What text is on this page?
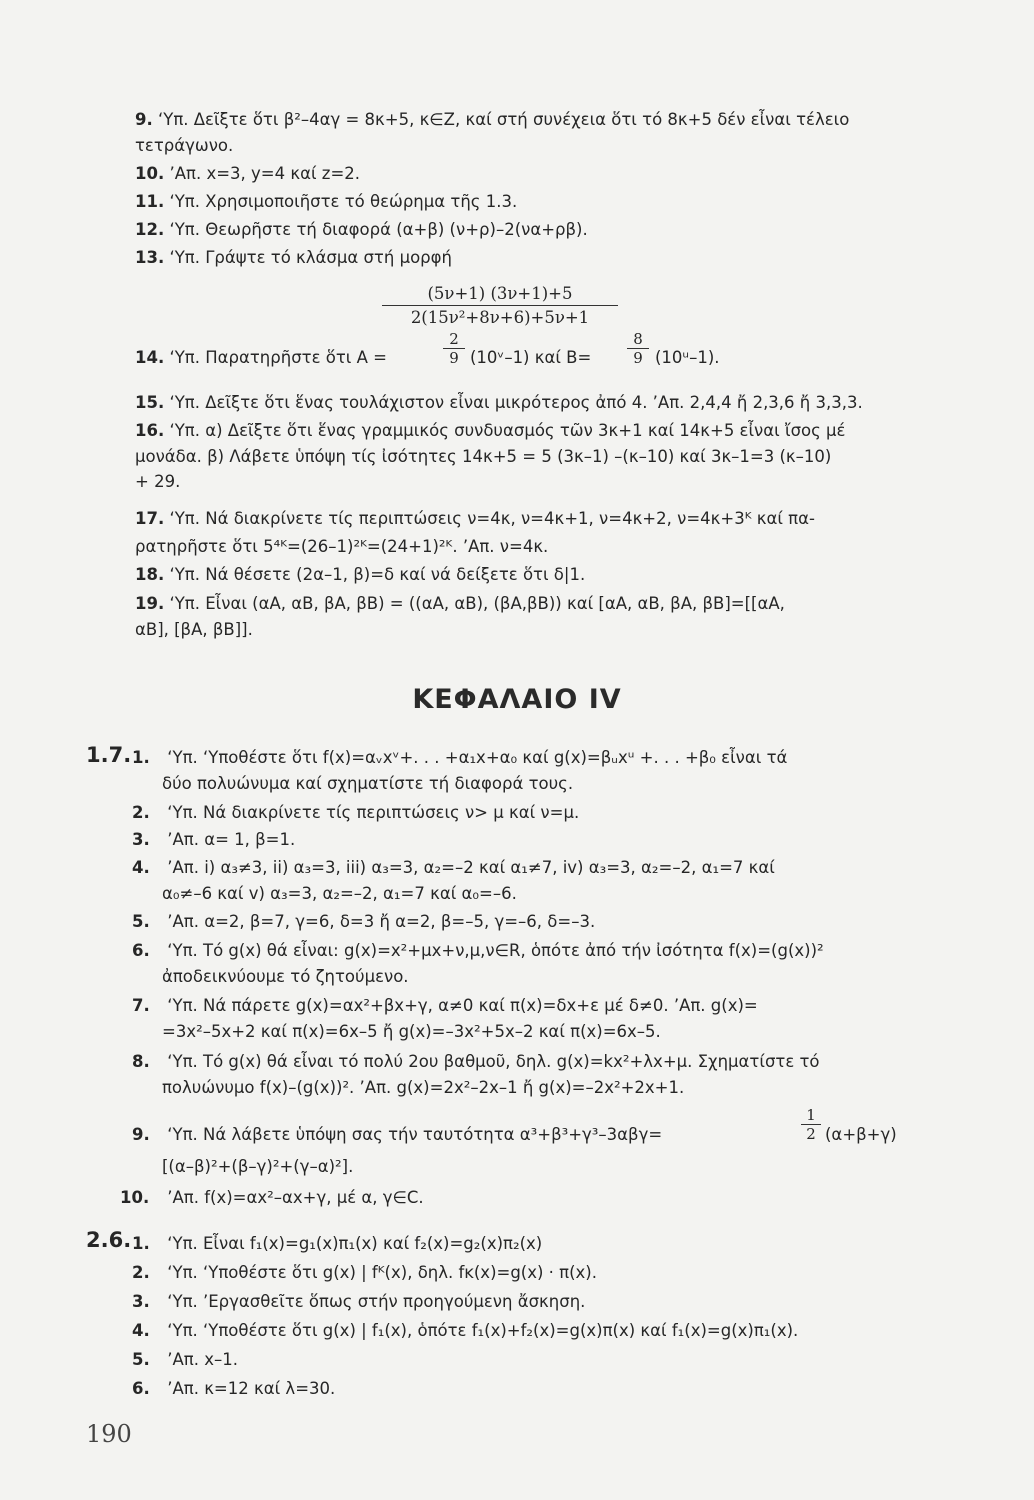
9. ‘Υπ. Δεῖξτε ὅτι β²–4αγ = 8κ+5, κ∈Z, καί στή συνέχεια ὅτι τό 8κ+5 δέν εἶναι τέλειο
τετράγωνο.
10. ’Απ. x=3, y=4 καί z=2.
11. ‘Υπ. Χρησιμοποιῆστε τό θεώρημα τῆς 1.3.
12. ‘Υπ. Θεωρῆστε τή διαφορά (α+β) (ν+ρ)–2(να+ρβ).
13. ‘Υπ. Γράψτε τό κλάσμα στή μορφή
(5ν+1) (3ν+1)+5
2(15ν²+8ν+6)+5ν+1
14. ‘Υπ. Παρατηρῆστε ὅτι A =
2
9 (10ᵛ–1) καί B=
8
9 (10ᵘ–1).
15. ‘Υπ. Δεῖξτε ὅτι ἕνας τουλάχιστον εἶναι μικρότερος ἀπό 4. ’Απ. 2,4,4 ἤ 2,3,6 ἤ 3,3,3.
16. ‘Υπ. α) Δεῖξτε ὅτι ἕνας γραμμικός συνδυασμός τῶν 3κ+1 καί 14κ+5 εἶναι ἴσος μέ
μονάδα. β) Λάβετε ὑπόψη τίς ἰσότητες 14κ+5 = 5 (3κ–1) –(κ–10) καί 3κ–1=3 (κ–10)
+ 29.
17. ‘Υπ. Νά διακρίνετε τίς περιπτώσεις ν=4κ, ν=4κ+1, ν=4κ+2, ν=4κ+3ᴷ καί πα-
ρατηρῆστε ὅτι 5⁴ᴷ=(26–1)²ᴷ=(24+1)²ᴷ. ’Απ. ν=4κ.
18. ‘Υπ. Νά θέσετε (2α–1, β)=δ καί νά δείξετε ὅτι δ|1.
19. ‘Υπ. Εἶναι (αA, αB, βA, βB) = ((αA, αB), (βA,βB)) καί [αA, αB, βA, βB]=[[αA,
αB], [βA, βB]].
ΚΕΦΑΛΑΙΟ IV
1.7. 1. ‘Υπ. ‘Υποθέστε ὅτι f(x)=αᵥxᵛ+. . . +α₁x+α₀ καί g(x)=βᵤxᵘ +. . . +β₀ εἶναι τά
δύο πολυώνυμα καί σχηματίστε τή διαφορά τους.
2. ‘Υπ. Νά διακρίνετε τίς περιπτώσεις ν> μ καί ν=μ.
3. ’Απ. α= 1, β=1.
4. ’Απ. i) α₃≠3, ii) α₃=3, iii) α₃=3, α₂=–2 καί α₁≠7, iv) α₃=3, α₂=–2, α₁=7 καί
α₀≠–6 καί v) α₃=3, α₂=–2, α₁=7 καί α₀=–6.
5. ’Απ. α=2, β=7, γ=6, δ=3 ἤ α=2, β=–5, γ=–6, δ=–3.
6. ‘Υπ. Τό g(x) θά εἶναι: g(x)=x²+μx+ν,μ,ν∈R, ὁπότε ἀπό τήν ἰσότητα f(x)=(g(x))²
ἀποδεικνύουμε τό ζητούμενο.
7. ‘Υπ. Νά πάρετε g(x)=αx²+βx+γ, α≠0 καί π(x)=δx+ε μέ δ≠0. ’Απ. g(x)=
=3x²–5x+2 καί π(x)=6x–5 ἤ g(x)=–3x²+5x–2 καί π(x)=6x–5.
8. ‘Υπ. Τό g(x) θά εἶναι τό πολύ 2ου βαθμοῦ, δηλ. g(x)=kx²+λx+μ. Σχηματίστε τό
πολυώνυμο f(x)–(g(x))². ’Απ. g(x)=2x²–2x–1 ἤ g(x)=–2x²+2x+1.
9. ‘Υπ. Νά λάβετε ὑπόψη σας τήν ταυτότητα α³+β³+γ³–3αβγ=
1
2 (α+β+γ)
[(α–β)²+(β–γ)²+(γ–α)²].
10. ’Απ. f(x)=αx²–αx+γ, μέ α, γ∈C.
2.6. 1. ‘Υπ. Εἶναι f₁(x)=g₁(x)π₁(x) καί f₂(x)=g₂(x)π₂(x)
2. ‘Υπ. ‘Υποθέστε ὅτι g(x) | fᴷ(x), δηλ. fᴋ(x)=g(x) · π(x).
3. ‘Υπ. ’Εργασθεῖτε ὅπως στήν προηγούμενη ἄσκηση.
4. ‘Υπ. ‘Υποθέστε ὅτι g(x) | f₁(x), ὁπότε f₁(x)+f₂(x)=g(x)π(x) καί f₁(x)=g(x)π₁(x).
5. ’Απ. x–1.
6. ’Απ. κ=12 καί λ=30.
190
